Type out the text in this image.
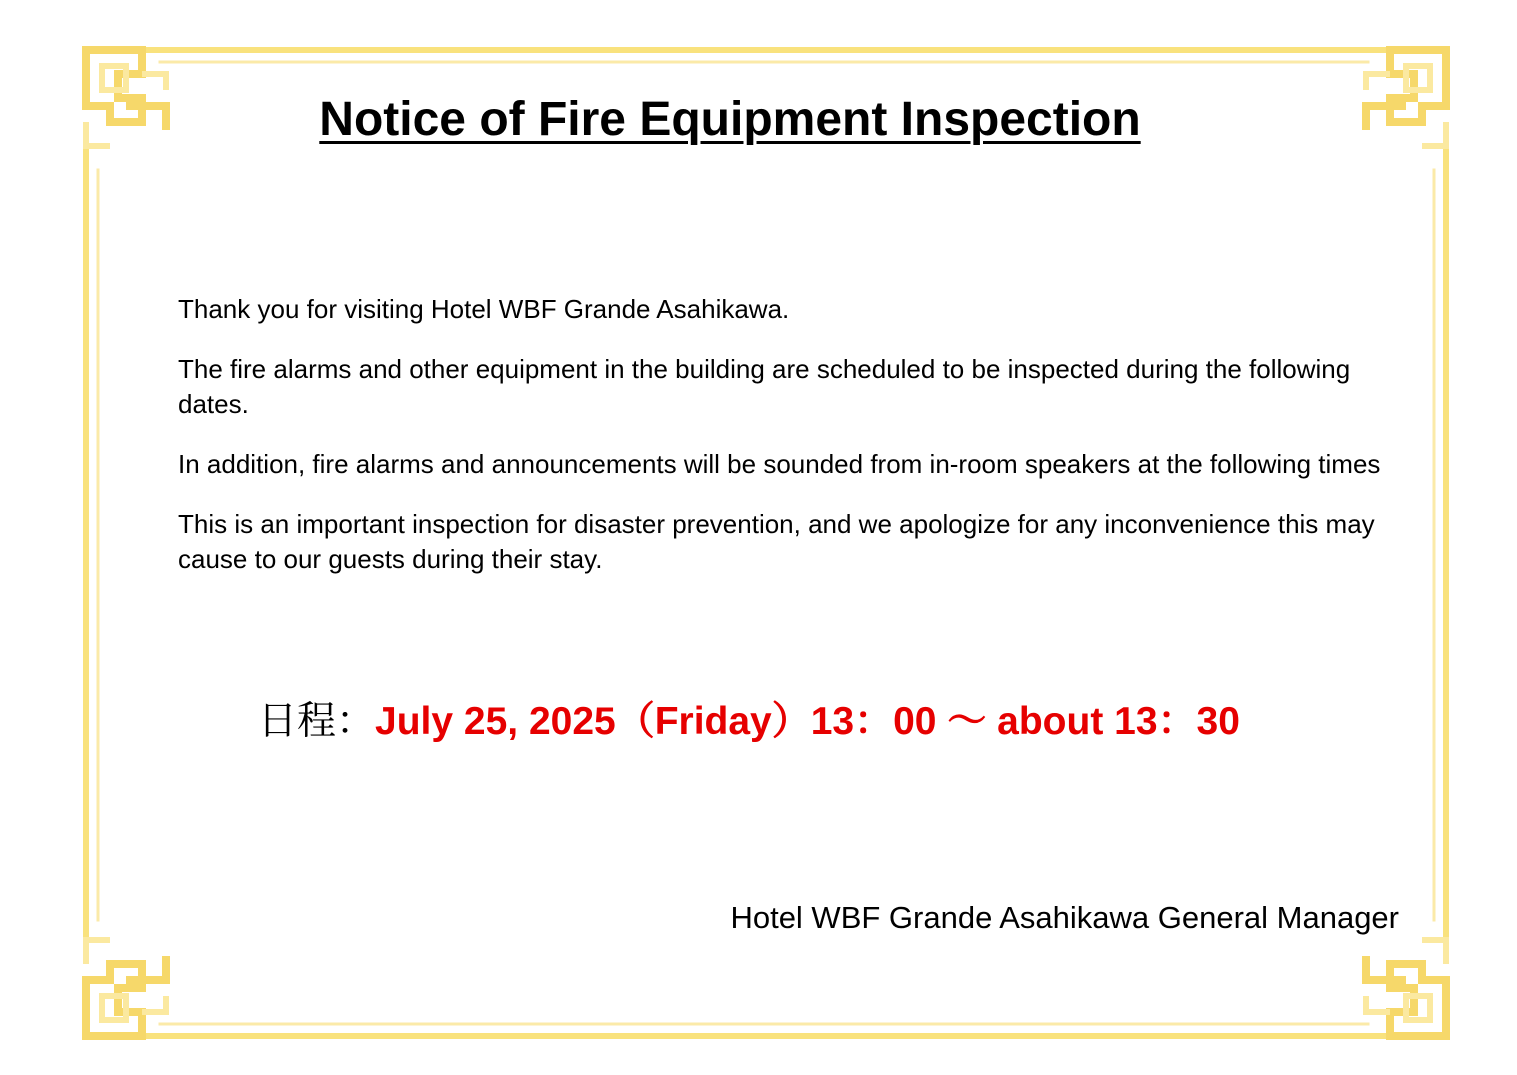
Notice of Fire Equipment Inspection

Thank you for visiting Hotel WBF Grande Asahikawa.

The fire alarms and other equipment in the building are scheduled to be inspected during the following dates.

In addition, fire alarms and announcements will be sounded from in-room speakers at the following times

This is an important inspection for disaster prevention, and we apologize for any inconvenience this may cause to our guests during their stay.

日程：July 25, 2025（Friday）13：00 ～ about 13：30
Hotel WBF Grande Asahikawa General Manager
